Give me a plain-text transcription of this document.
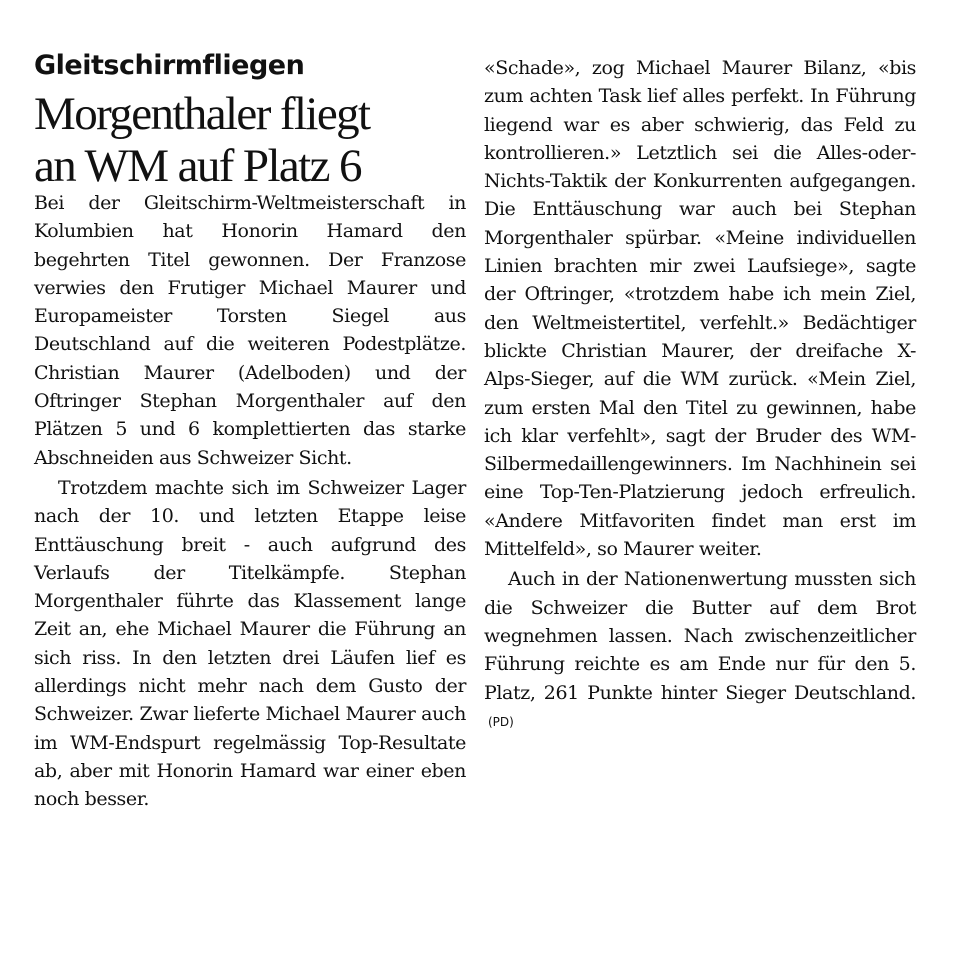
Gleitschirmfliegen
Morgenthaler fliegt
an WM auf Platz 6

Bei der Gleitschirm-Weltmeisterschaft in Kolumbien hat Honorin Hamard den begehrten Titel gewonnen. Der Franzose verwies den Frutiger Michael Maurer und Europameister Torsten Siegel aus Deutschland auf die weiteren Podestplätze. Christian Maurer (Adelboden) und der Oftringer Stephan Morgenthaler auf den Plätzen 5 und 6 komplettierten das starke Abschneiden aus Schweizer Sicht.

Trotzdem machte sich im Schweizer Lager nach der 10. und letzten Etappe leise Enttäuschung breit - auch aufgrund des Verlaufs der Titelkämpfe. Stephan Morgenthaler führte das Klassement lange Zeit an, ehe Michael Maurer die Führung an sich riss. In den letzten drei Läufen lief es allerdings nicht mehr nach dem Gusto der Schweizer. Zwar lieferte Michael Maurer auch im WM-Endspurt regelmässig Top-Resultate ab, aber mit Honorin Hamard war einer eben noch besser.

«Schade», zog Michael Maurer Bilanz, «bis zum achten Task lief alles perfekt. In Führung liegend war es aber schwierig, das Feld zu kontrollieren.» Letztlich sei die Alles-oder-Nichts-Taktik der Konkurrenten aufgegangen. Die Enttäuschung war auch bei Stephan Morgenthaler spürbar. «Meine individuellen Linien brachten mir zwei Laufsiege», sagte der Oftringer, «trotzdem habe ich mein Ziel, den Weltmeistertitel, verfehlt.» Bedächtiger blickte Christian Maurer, der dreifache X-Alps-Sieger, auf die WM zurück. «Mein Ziel, zum ersten Mal den Titel zu gewinnen, habe ich klar verfehlt», sagt der Bruder des WM-Silbermedaillengewinners. Im Nachhinein sei eine Top-Ten-Platzierung jedoch erfreulich. «Andere Mitfavoriten findet man erst im Mittelfeld», so Maurer weiter.

Auch in der Nationenwertung mussten sich die Schweizer die Butter auf dem Brot wegnehmen lassen. Nach zwischenzeitlicher Führung reichte es am Ende nur für den 5. Platz, 261 Punkte hinter Sieger Deutschland.(PD)
